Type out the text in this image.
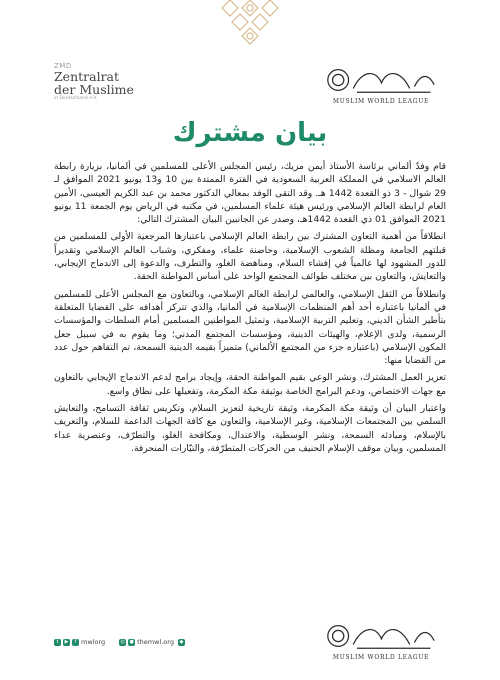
ZMD
Zentralrat
der Muslime
in Deutschland e.V.	MUSLIM WORLD LEAGUE
بيان مشترك

قام وفدٌ ألماني برئاسة الأستاذ أيمن مزيك، رئيس المجلس الأعلى للمسلمين في ألمانيا، بزيارة رابطة العالم الاسلامي في المملكة العربية السعودية في الفترة الممتدة بين 10 و13 يونيو 2021 الموافق لـ 29 شوال - 3 ذو القعدة 1442 هـ. وقد التقى الوفد بمعالي الدكتور محمد بن عبد الكريم العيسى، الأمين العام لرابطة العالم الإسلامي ورئيس هيئة علماء المسلمين، في مكتبه في الرياض يوم الجمعة 11 يونيو 2021 الموافق 01 ذي القعدة 1442هـ، وصدر عن الجانبين البيان المشترك التالي:

انطلاقاً من أهمية التعاون المشترك بين رابطة العالم الإسلامي باعتبارها المرجعية الأولى للمسلمين من قبلتهم الجامعة ومظلة الشعوب الإسلامية، وحاضنة علماء، ومفكري، وشباب العالم الإسلامي وتقديراً للدور المشهود لها عالمياً في إفشاء السلام، ومناهضة الغلو، والتطرف، والدعوة إلى الاندماج الإيجابي، والتعايش، والتعاون بين مختلف طوائف المجتمع الواحد على أساس المواطنة الحقة.

وانطلاقاً من الثقل الإسلامي، والعالمي لرابطة العالم الإسلامي، وبالتعاون مع المجلس الأعلى للمسلمين في ألمانيا باعتباره أحد أهم المنظمات الإسلامية في ألمانيا، والذي تتركز أهدافه على القضايا المتعلقة بتأطير الشأن الديني، وتعليم التربية الإسلامية، وتمثيل المواطنين المسلمين أمام السلطات والمؤسسات الرسمية، ولدى الإعلام، والهيئات الدينية، ومؤسسات المجتمع المدني؛ وما يقوم به في سبيل جعل المكون الإسلامي (باعتباره جزء من المجتمع الألماني) متميزاً بقيمه الدينية السمحة، تم التفاهم حول عدد من القضايا منها:

تعزيز العمل المشترك، ونشر الوعي بقيم المواطنة الحقة، وإيجاد برامج لدعم الاندماج الإيجابي بالتعاون مع جهات الاختصاص، ودعم البرامج الخاصة بوثيقة مكة المكرمة، وتفعيلها على نطاق واسع.

واعتبار البيان أن وثيقة مكة المكرمة، وثيقة تاريخية لتعزيز السلام، وتكريس ثقافة التسامح، والتعايش السلمي بين المجتمعات الإسلامية، وغير الإسلامية، والتعاون مع كافة الجهات الداعمة للسلام، والتعريف بالإسلام، ومبادئه السمحة، ونشر الوسطية، والاعتدال، ومكافحة الغلو، والتطرّف، وعنصرية عداء المسلمين، وبيان موقف الإسلام الحنيف من الحركات المتطرّفة، والتيّارات المنحرفة.

t	▶	f mwlorg	◎ ● themwl.org	◆
MUSLIM WORLD LEAGUE
